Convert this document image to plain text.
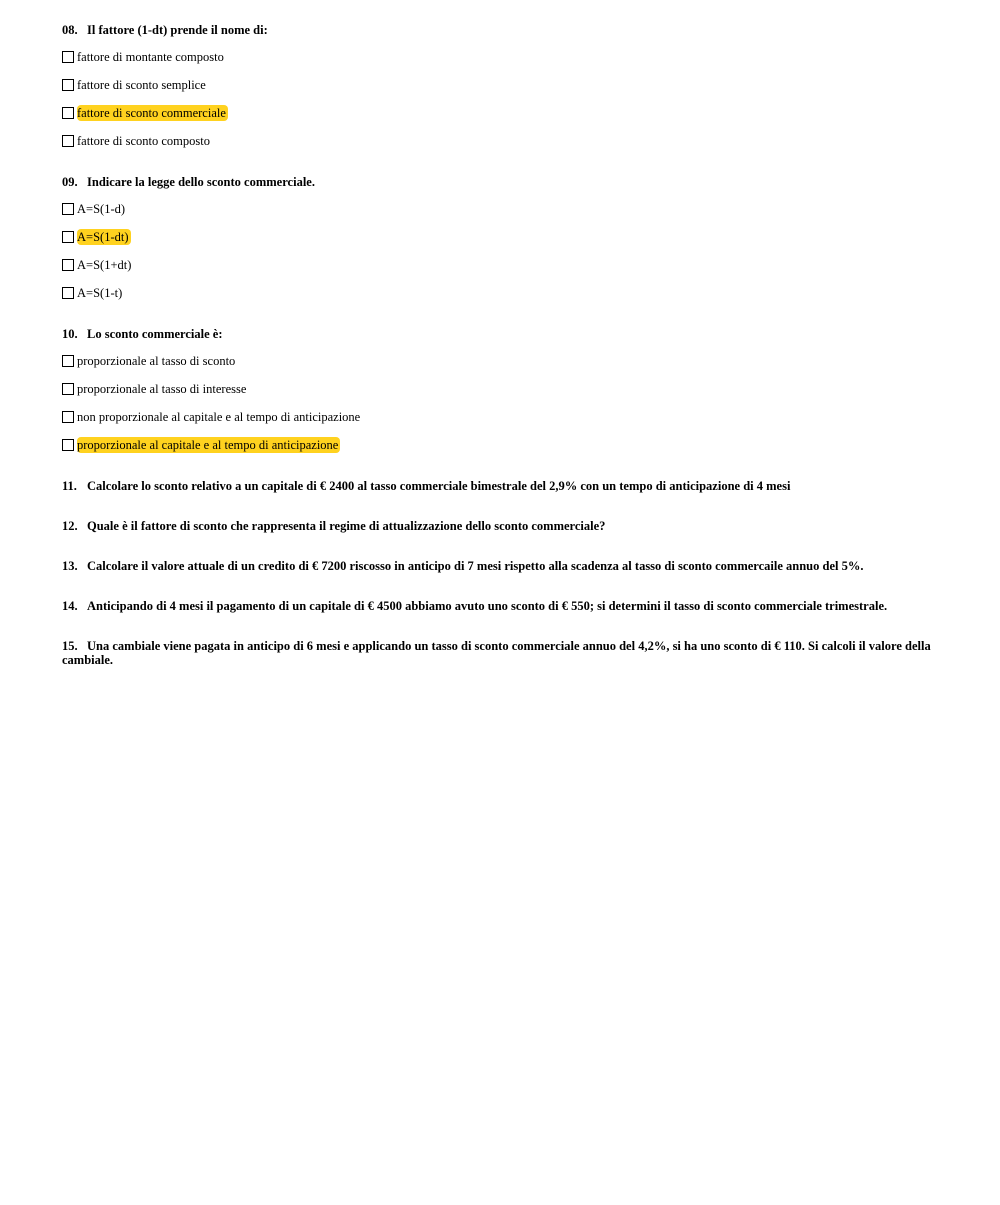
08. Il fattore (1-dt) prende il nome di:

fattore di montante composto
fattore di sconto semplice
fattore di sconto commerciale
fattore di sconto composto

09. Indicare la legge dello sconto commerciale.

A=S(1-d)
A=S(1-dt)
A=S(1+dt)
A=S(1-t)

10. Lo sconto commerciale è:

proporzionale al tasso di sconto
proporzionale al tasso di interesse
non proporzionale al capitale e al tempo di anticipazione
proporzionale al capitale e al tempo di anticipazione

11. Calcolare lo sconto relativo a un capitale di € 2400 al tasso commerciale bimestrale del 2,9% con un tempo di anticipazione di 4 mesi

12. Quale è il fattore di sconto che rappresenta il regime di attualizzazione dello sconto commerciale?

13. Calcolare il valore attuale di un credito di € 7200 riscosso in anticipo di 7 mesi rispetto alla scadenza al tasso di sconto commercaile annuo del 5%.

14. Anticipando di 4 mesi il pagamento di un capitale di € 4500 abbiamo avuto uno sconto di € 550; si determini il tasso di sconto commerciale trimestrale.

15. Una cambiale viene pagata in anticipo di 6 mesi e applicando un tasso di sconto commerciale annuo del 4,2%, si ha uno sconto di € 110. Si calcoli il valore della cambiale.
